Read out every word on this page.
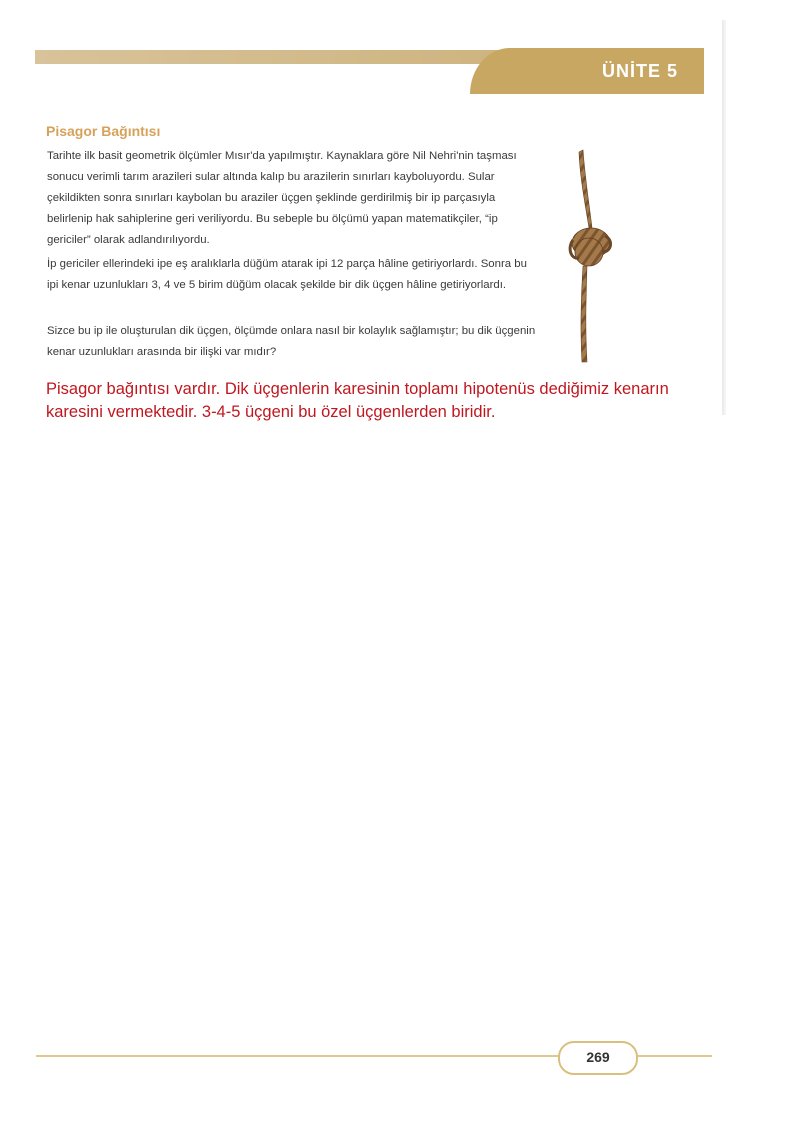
ÜNİTE 5
Pisagor Bağıntısı

Tarihte ilk basit geometrik ölçümler Mısır'da yapılmıştır. Kaynaklara göre Nil Nehri'nin taşması sonucu verimli tarım arazileri sular altında kalıp bu arazilerin sınırları kayboluyordu. Sular çekildikten sonra sınırları kaybolan bu araziler üçgen şeklinde gerdirilmiş bir ip parçasıyla belirlenip hak sahiplerine geri veriliyordu. Bu sebeple bu ölçümü yapan matematikçiler, “ip gericiler” olarak adlandırılıyordu.

İp gericiler ellerindeki ipe eş aralıklarla düğüm atarak ipi 12 parça hâline getiriyorlardı. Sonra bu ipi kenar uzunlukları 3, 4 ve 5 birim düğüm olacak şekilde bir dik üçgen hâline getiriyorlardı.

Sizce bu ip ile oluşturulan dik üçgen, ölçümde onlara nasıl bir kolaylık sağlamıştır; bu dik üçgenin kenar uzunlukları arasında bir ilişki var mıdır?

Pisagor bağıntısı vardır. Dik üçgenlerin karesinin toplamı hipotenüs dediğimiz kenarın karesini vermektedir. 3-4-5 üçgeni bu özel üçgenlerden biridir.

269
